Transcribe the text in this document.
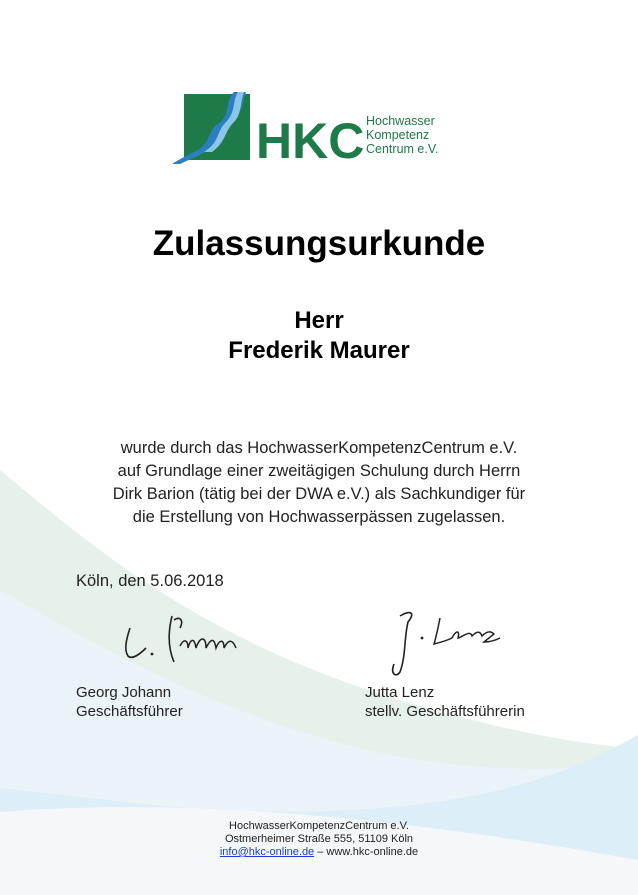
HKC Hochwasser
Kompetenz
Centrum e.V.
Zulassungsurkunde
Herr
Frederik Maurer
wurde durch das HochwasserKompetenzCentrum e.V.
auf Grundlage einer zweitägigen Schulung durch Herrn
Dirk Barion (tätig bei der DWA e.V.) als Sachkundiger für
die Erstellung von Hochwasserpässen zugelassen.
Köln, den 5.06.2018
Georg Johann
Geschäftsführer
Jutta Lenz
stellv. Geschäftsführerin
HochwasserKompetenzCentrum e.V.
Ostmerheimer Straße 555, 51109 Köln
info@hkc-online.de – www.hkc-online.de
